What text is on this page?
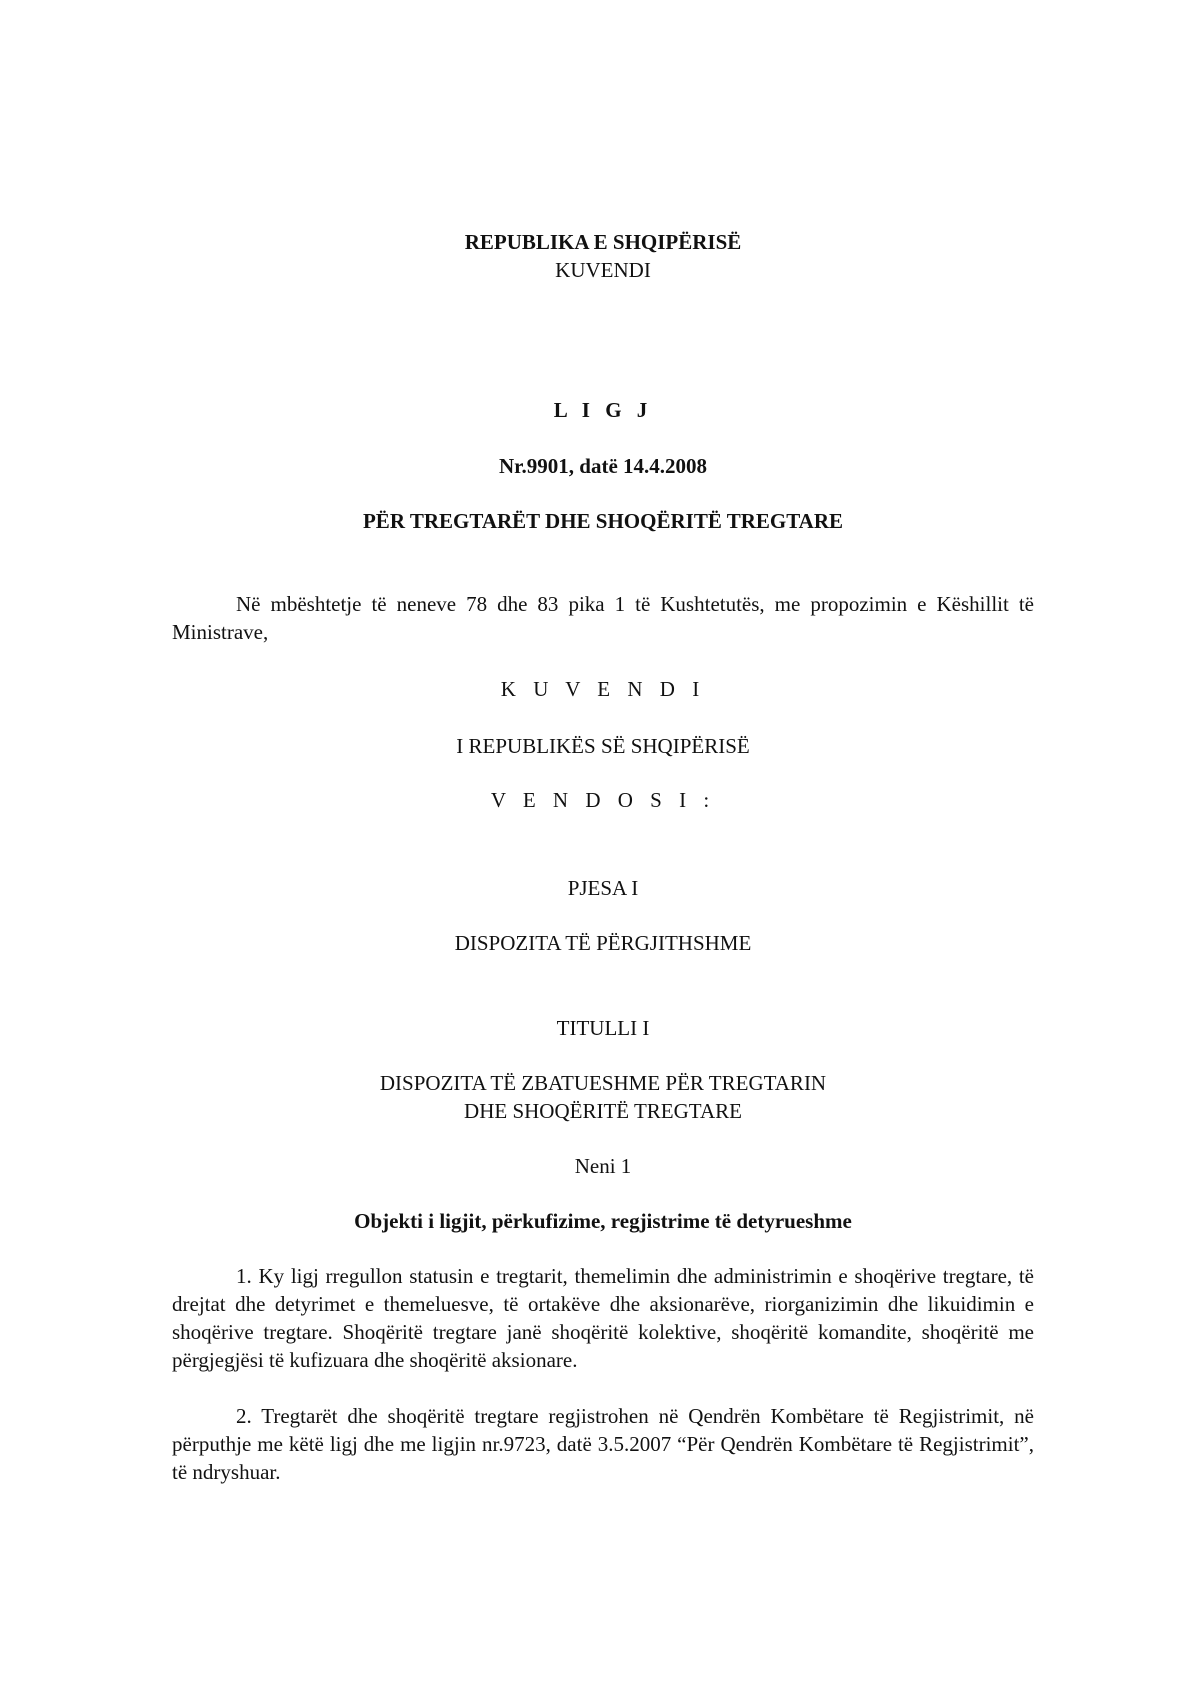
REPUBLIKA E SHQIPËRISË

KUVENDI

L I G J

Nr.9901, datë 14.4.2008

PËR TREGTARËT DHE SHOQËRITË TREGTARE

Në mbështetje të neneve 78 dhe 83 pika 1 të Kushtetutës, me propozimin e Këshillit të Ministrave,

K U V E N D I

I REPUBLIKËS SË SHQIPËRISË

V E N D O S I :

PJESA I

DISPOZITA TË PËRGJITHSHME

TITULLI I

DISPOZITA TË ZBATUESHME PËR TREGTARIN

DHE SHOQËRITË TREGTARE

Neni 1

Objekti i ligjit, përkufizime, regjistrime të detyrueshme

1. Ky ligj rregullon statusin e tregtarit, themelimin dhe administrimin e shoqërive tregtare, të drejtat dhe detyrimet e themeluesve, të ortakëve dhe aksionarëve, riorganizimin dhe likuidimin e shoqërive tregtare. Shoqëritë tregtare janë shoqëritë kolektive, shoqëritë komandite, shoqëritë me përgjegjësi të kufizuara dhe shoqëritë aksionare.

2. Tregtarët dhe shoqëritë tregtare regjistrohen në Qendrën Kombëtare të Regjistrimit, në përputhje me këtë ligj dhe me ligjin nr.9723, datë 3.5.2007 “Për Qendrën Kombëtare të Regjistrimit”, të ndryshuar.
